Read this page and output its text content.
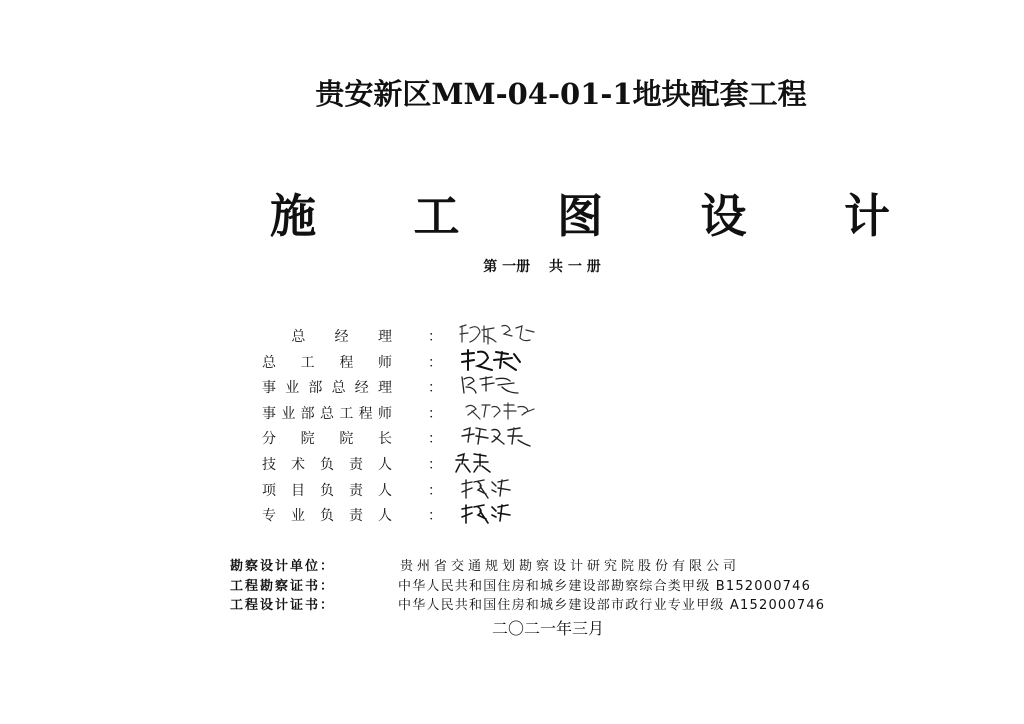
贵安新区MM-04-01-1地块配套工程
施 工 图 设 计
第 一册　 共 一 册
总 经 理	：
总 工 程 师	：
事 业 部 总 经 理	：
事 业 部 总 工 程 师	：
分 院 院 长	：
技 术 负 责 人	：
项 目 负 责 人	：
专 业 负 责 人	：
勘察设计单位：	贵州省交通规划勘察设计研究院股份有限公司
工程勘察证书：	中华人民共和国住房和城乡建设部勘察综合类甲级 B152000746
工程设计证书：	中华人民共和国住房和城乡建设部市政行业专业甲级 A152000746
二〇二一年三月
